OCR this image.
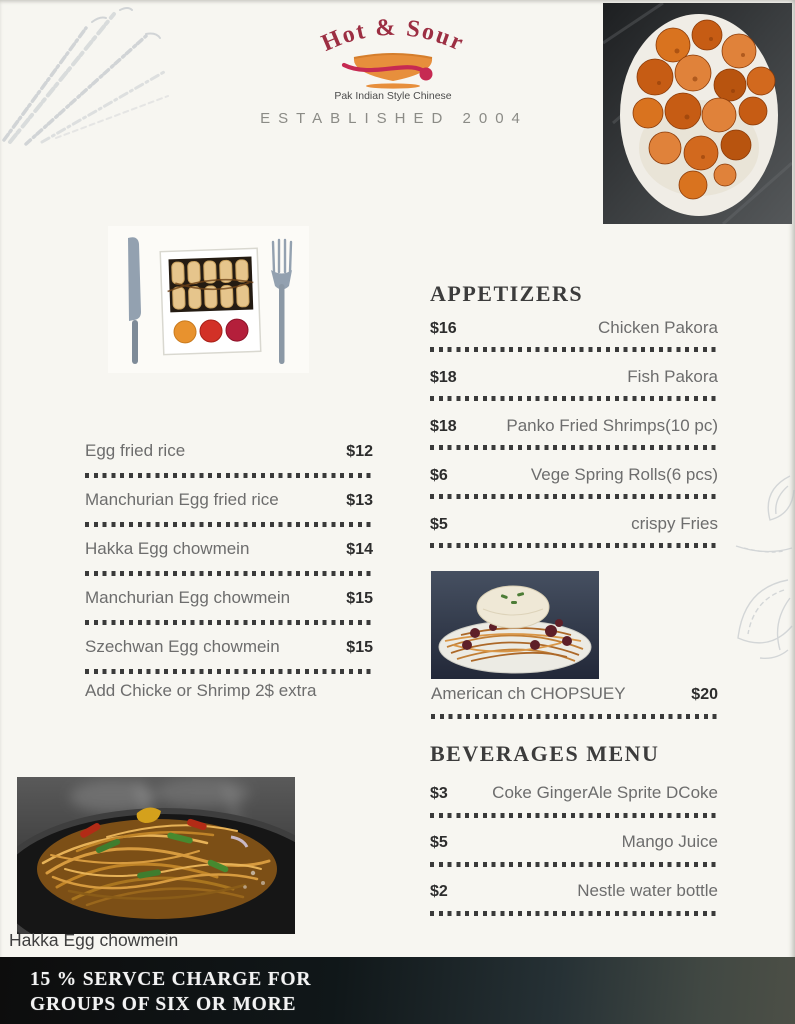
Hot & Sour
Pak Indian Style Chinese
ESTABLISHED 2004
Egg fried rice	$12
Manchurian Egg fried rice	$13
Hakka Egg chowmein	$14
Manchurian Egg chowmein	$15
Szechwan Egg chowmein	$15
Add Chicke or Shrimp 2$ extra
APPETIZERS
$16	Chicken Pakora
$18	Fish Pakora
$18	Panko Fried Shrimps(10 pc)
$6	Vege Spring Rolls(6 pcs)
$5	crispy Fries
American ch CHOPSUEY	$20
BEVERAGES MENU
$3	Coke GingerAle Sprite DCoke
$5	Mango Juice
$2	Nestle water bottle
Hakka Egg chowmein
15 % SERVCE CHARGE FOR
GROUPS OF SIX OR MORE
